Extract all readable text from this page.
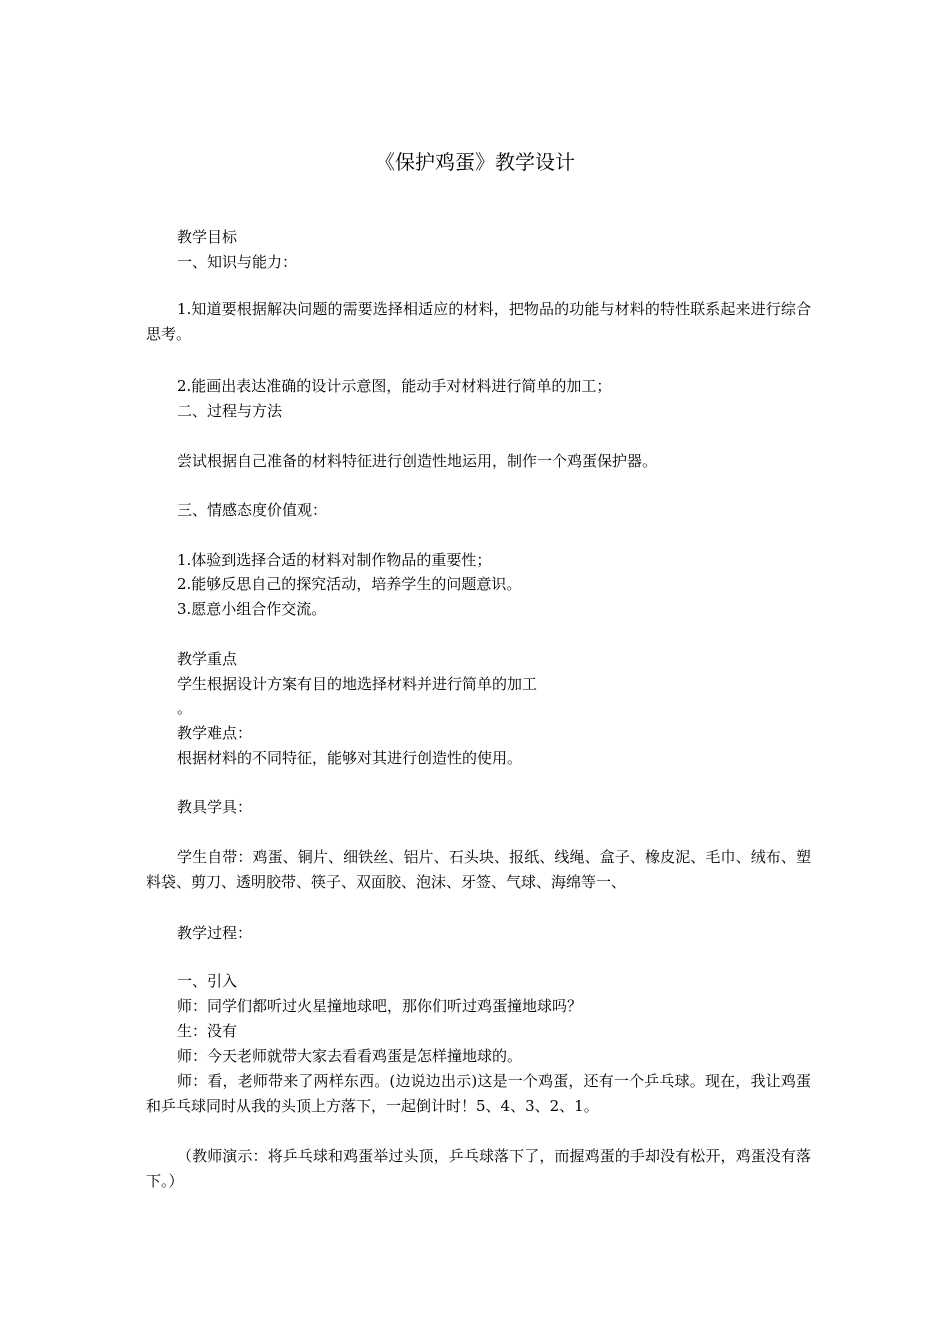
《保护鸡蛋》教学设计
教学目标
一、知识与能力：
1.知道要根据解决问题的需要选择相适应的材料，把物品的功能与材料的特性联系起来进行综合思考。
2.能画出表达准确的设计示意图，能动手对材料进行简单的加工；
二、过程与方法
尝试根据自己准备的材料特征进行创造性地运用，制作一个鸡蛋保护器。
三、情感态度价值观：
1.体验到选择合适的材料对制作物品的重要性；
2.能够反思自己的探究活动，培养学生的问题意识。
3.愿意小组合作交流。
教学重点
学生根据设计方案有目的地选择材料并进行简单的加工
。
教学难点：
根据材料的不同特征，能够对其进行创造性的使用。
教具学具：
学生自带：鸡蛋、铜片、细铁丝、铝片、石头块、报纸、线绳、盒子、橡皮泥、毛巾、绒布、塑料袋、剪刀、透明胶带、筷子、双面胶、泡沫、牙签、气球、海绵等一、
教学过程：
一、引入
师：同学们都听过火星撞地球吧，那你们听过鸡蛋撞地球吗？
生：没有
师：今天老师就带大家去看看鸡蛋是怎样撞地球的。
师：看，老师带来了两样东西。(边说边出示)这是一个鸡蛋，还有一个乒乓球。现在，我让鸡蛋和乒乓球同时从我的头顶上方落下，一起倒计时！5、4、3、2、1。
（教师演示：将乒乓球和鸡蛋举过头顶，乒乓球落下了，而握鸡蛋的手却没有松开，鸡蛋没有落下。）
